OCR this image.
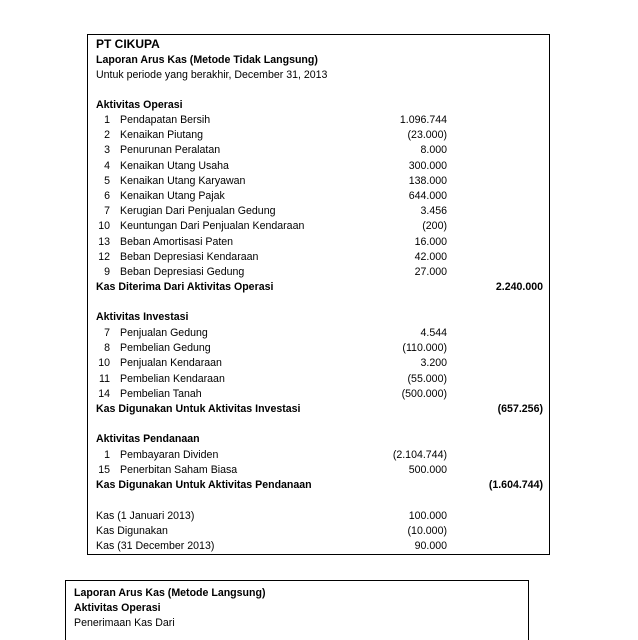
PT CIKUPA
Laporan Arus Kas (Metode Tidak Langsung)
Untuk periode yang berakhir, December 31, 2013
Aktivitas Operasi
1 Pendapatan Bersih	1.096.744
2 Kenaikan Piutang	(23.000)
3 Penurunan Peralatan	8.000
4 Kenaikan Utang Usaha	300.000
5 Kenaikan Utang Karyawan	138.000
6 Kenaikan Utang Pajak	644.000
7 Kerugian Dari Penjualan Gedung	3.456
10 Keuntungan Dari Penjualan Kendaraan	(200)
13 Beban Amortisasi Paten	16.000
12 Beban Depresiasi Kendaraan	42.000
9 Beban Depresiasi Gedung	27.000
Kas Diterima Dari Aktivitas Operasi	2.240.000
Aktivitas Investasi
7 Penjualan Gedung	4.544
8 Pembelian Gedung	(110.000)
10 Penjualan Kendaraan	3.200
11 Pembelian Kendaraan	(55.000)
14 Pembelian Tanah	(500.000)
Kas Digunakan Untuk Aktivitas Investasi	(657.256)
Aktivitas Pendanaan
1 Pembayaran Dividen	(2.104.744)
15 Penerbitan Saham Biasa	500.000
Kas Digunakan Untuk Aktivitas Pendanaan	(1.604.744)
Kas (1 Januari 2013)	100.000
Kas Digunakan	(10.000)
Kas (31 December 2013)	90.000
Laporan Arus Kas (Metode Langsung)
Aktivitas Operasi
Penerimaan Kas Dari
